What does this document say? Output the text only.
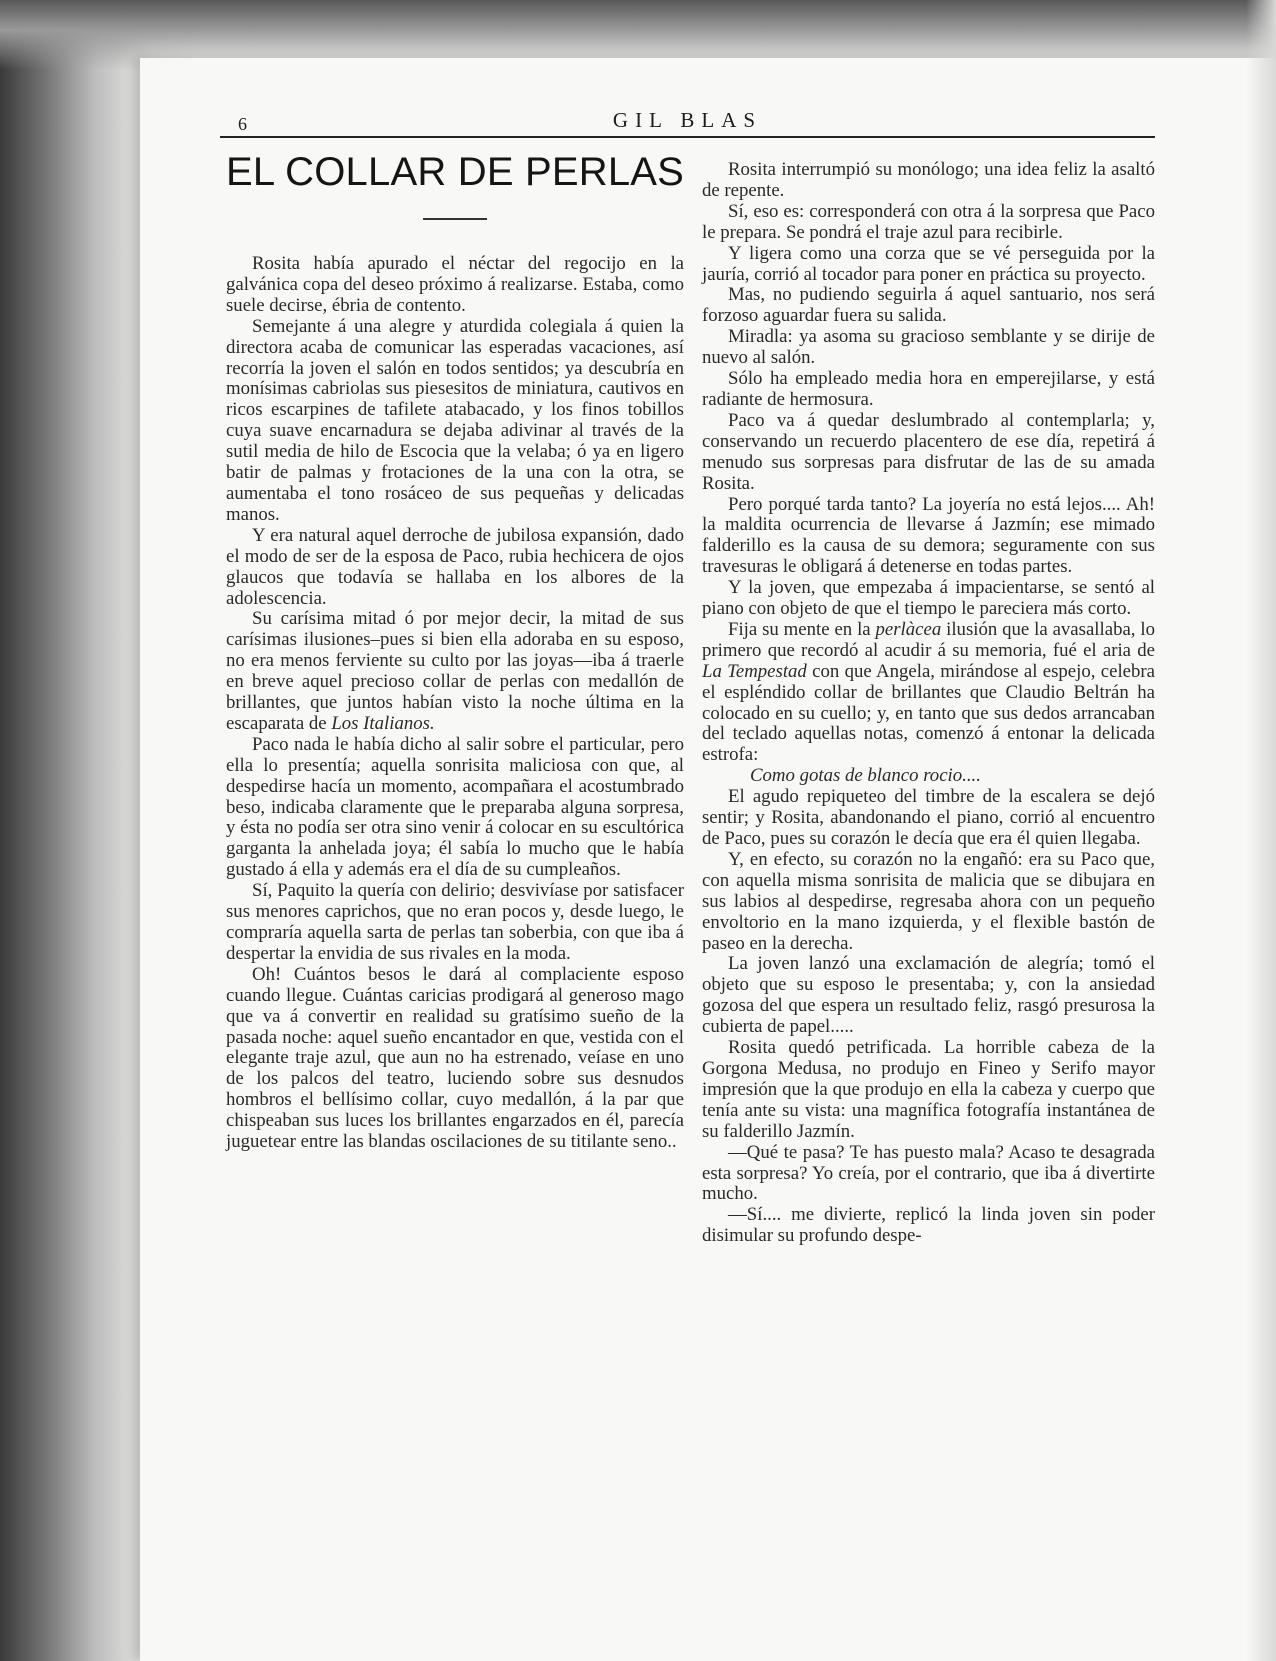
6	GIL BLAS
EL COLLAR DE PERLAS

Rosita había apurado el néctar del regocijo en la galvánica copa del deseo próximo á realizarse. Estaba, como suele decirse, ébria de contento.

Semejante á una alegre y aturdida colegiala á quien la directora acaba de comunicar las esperadas vacaciones, así recorría la joven el salón en todos sentidos; ya descubría en monísimas cabriolas sus piesesitos de miniatura, cautivos en ricos escarpines de tafilete atabacado, y los finos tobillos cuya suave encarnadura se dejaba adivinar al través de la sutil media de hilo de Escocia que la velaba; ó ya en ligero batir de palmas y frotaciones de la una con la otra, se aumentaba el tono rosáceo de sus pequeñas y delicadas manos.

Y era natural aquel derroche de jubilosa expansión, dado el modo de ser de la esposa de Paco, rubia hechicera de ojos glaucos que todavía se hallaba en los albores de la adolescencia.

Su carísima mitad ó por mejor decir, la mitad de sus carísimas ilusiones–pues si bien ella adoraba en su esposo, no era menos ferviente su culto por las joyas—iba á traerle en breve aquel precioso collar de perlas con medallón de brillantes, que juntos habían visto la noche última en la escaparata de Los Italianos.

Paco nada le había dicho al salir sobre el particular, pero ella lo presentía; aquella sonrisita maliciosa con que, al despedirse hacía un momento, acompañara el acostumbrado beso, indicaba claramente que le preparaba alguna sorpresa, y ésta no podía ser otra sino venir á colocar en su escultórica garganta la anhelada joya; él sabía lo mucho que le había gustado á ella y además era el día de su cumpleaños.

Sí, Paquito la quería con delirio; desvivíase por satisfacer sus menores caprichos, que no eran pocos y, desde luego, le compraría aquella sarta de perlas tan soberbia, con que iba á despertar la envidia de sus rivales en la moda.

Oh! Cuántos besos le dará al complaciente esposo cuando llegue. Cuántas caricias prodigará al generoso mago que va á convertir en realidad su gratísimo sueño de la pasada noche: aquel sueño encantador en que, vestida con el elegante traje azul, que aun no ha estrenado, veíase en uno de los palcos del teatro, luciendo sobre sus desnudos hombros el bellísimo collar, cuyo medallón, á la par que chispeaban sus luces los brillantes engarzados en él, parecía juguetear entre las blandas oscilaciones de su titilante seno..

Rosita interrumpió su monólogo; una idea feliz la asaltó de repente.

Sí, eso es: corresponderá con otra á la sorpresa que Paco le prepara. Se pondrá el traje azul para recibirle.

Y ligera como una corza que se vé perseguida por la jauría, corrió al tocador para poner en práctica su proyecto.

Mas, no pudiendo seguirla á aquel santuario, nos será forzoso aguardar fuera su salida.

Miradla: ya asoma su gracioso semblante y se dirije de nuevo al salón.

Sólo ha empleado media hora en emperejilarse, y está radiante de hermosura.

Paco va á quedar deslumbrado al contemplarla; y, conservando un recuerdo placentero de ese día, repetirá á menudo sus sorpresas para disfrutar de las de su amada Rosita.

Pero porqué tarda tanto? La joyería no está lejos.... Ah! la maldita ocurrencia de llevarse á Jazmín; ese mimado falderillo es la causa de su demora; seguramente con sus travesuras le obligará á detenerse en todas partes.

Y la joven, que empezaba á impacientarse, se sentó al piano con objeto de que el tiempo le pareciera más corto.

Fija su mente en la perlàcea ilusión que la avasallaba, lo primero que recordó al acudir á su memoria, fué el aria de La Tempestad con que Angela, mirándose al espejo, celebra el espléndido collar de brillantes que Claudio Beltrán ha colocado en su cuello; y, en tanto que sus dedos arrancaban del teclado aquellas notas, comenzó á entonar la delicada estrofa:

Como gotas de blanco rocio....

El agudo repiqueteo del timbre de la escalera se dejó sentir; y Rosita, abandonando el piano, corrió al encuentro de Paco, pues su corazón le decía que era él quien llegaba.

Y, en efecto, su corazón no la engañó: era su Paco que, con aquella misma sonrisita de malicia que se dibujara en sus labios al despedirse, regresaba ahora con un pequeño envoltorio en la mano izquierda, y el flexible bastón de paseo en la derecha.

La joven lanzó una exclamación de alegría; tomó el objeto que su esposo le presentaba; y, con la ansiedad gozosa del que espera un resultado feliz, rasgó presurosa la cubierta de papel.....

Rosita quedó petrificada. La horrible cabeza de la Gorgona Medusa, no produjo en Fineo y Serifo mayor impresión que la que produjo en ella la cabeza y cuerpo que tenía ante su vista: una magnífica fotografía instantánea de su falderillo Jazmín.

—Qué te pasa? Te has puesto mala? Acaso te desagrada esta sorpresa? Yo creía, por el contrario, que iba á divertirte mucho.

—Sí.... me divierte, replicó la linda joven sin poder disimular su profundo despe-
